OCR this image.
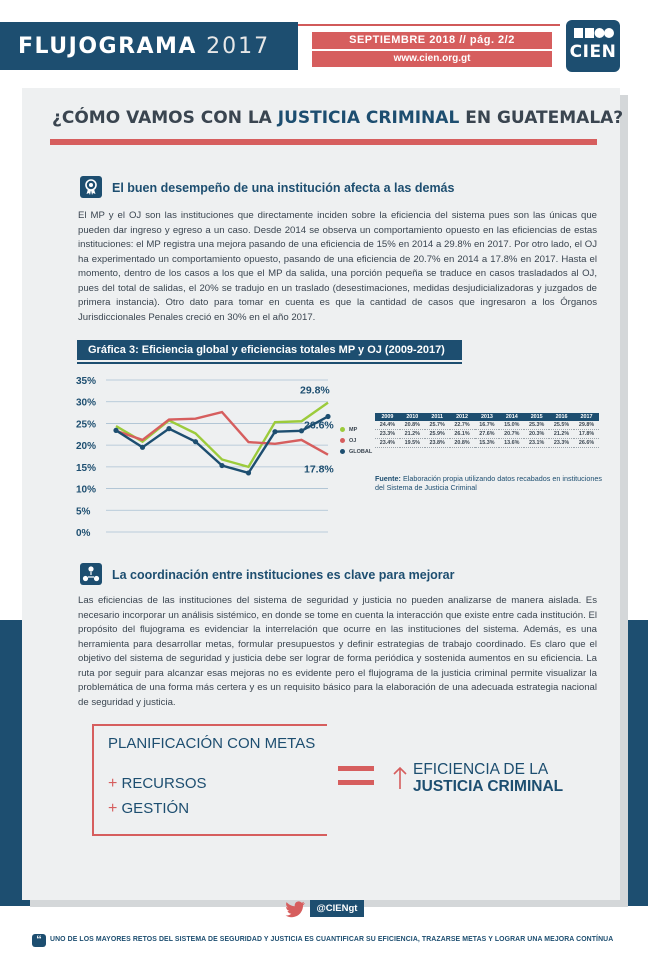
FLUJOGRAMA 2017	SEPTIEMBRE 2018 // pág. 2/2
www.cien.org.gt	CIEN
¿CÓMO VAMOS CON LA JUSTICIA CRIMINAL EN GUATEMALA?
El buen desempeño de una institución afecta a las demás
El MP y el OJ son las instituciones que directamente inciden sobre la eficiencia del sistema pues son las únicas que pueden dar ingreso y egreso a un caso. Desde 2014 se observa un comportamiento opuesto en las eficiencias de estas instituciones: el MP registra una mejora pasando de una eficiencia de 15% en 2014 a 29.8% en 2017. Por otro lado, el OJ ha experimentado un comportamiento opuesto, pasando de una eficiencia de 20.7% en 2014 a 17.8% en 2017. Hasta el momento, dentro de los casos a los que el MP da salida, una porción pequeña se traduce en casos trasladados al OJ, pues del total de salidas, el 20% se tradujo en un traslado (desestimaciones, medidas desjudicializadoras y juzgados de primera instancia). Otro dato para tomar en cuenta es que la cantidad de casos que ingresaron a los Órganos Jurisdiccionales Penales creció en 30% en el año 2017.
Gráfica 3: Eficiencia global y eficiencias totales MP y OJ (2009-2017)
35%
30%
25%
20%
15%
10%
5%
0%
29.8%
26.6%
17.8%
MP
OJ
GLOBAL
2009	2010	2011	2012	2013	2014	2015	2016	2017
24.4%	20.8%	25.7%	22.7%	16.7%	15.0%	25.3%	25.5%	29.8%
23.3%	21.2%	25.9%	26.1%	27.6%	20.7%	20.3%	21.2%	17.8%
23.4%	19.5%	23.8%	20.8%	15.3%	13.6%	23.1%	23.3%	26.6%
Fuente: Elaboración propia utilizando datos recabados en instituciones del Sistema de Justicia Criminal
La coordinación entre instituciones es clave para mejorar
Las eficiencias de las instituciones del sistema de seguridad y justicia no pueden analizarse de manera aislada. Es necesario incorporar un análisis sistémico, en donde se tome en cuenta la interacción que existe entre cada institución. El propósito del flujograma es evidenciar la interrelación que ocurre en las instituciones del sistema. Además, es una herramienta para desarrollar metas, formular presupuestos y definir estrategias de trabajo coordinado. Es claro que el objetivo del sistema de seguridad y justicia debe ser lograr de forma periódica y sostenida aumentos en su eficiencia. La ruta por seguir para alcanzar esas mejoras no es evidente pero el flujograma de la justicia criminal permite visualizar la problemática de una forma más certera y es un requisito básico para la elaboración de una adecuada estrategia nacional de seguridad y justicia.
PLANIFICACIÓN CON METAS
+ RECURSOS
+ GESTIÓN
EFICIENCIA DE LA
JUSTICIA CRIMINAL
@CIENgt
“	UNO DE LOS MAYORES RETOS DEL SISTEMA DE SEGURIDAD Y JUSTICIA ES CUANTIFICAR SU EFICIENCIA, TRAZARSE METAS Y LOGRAR UNA MEJORA CONTÍNUA
